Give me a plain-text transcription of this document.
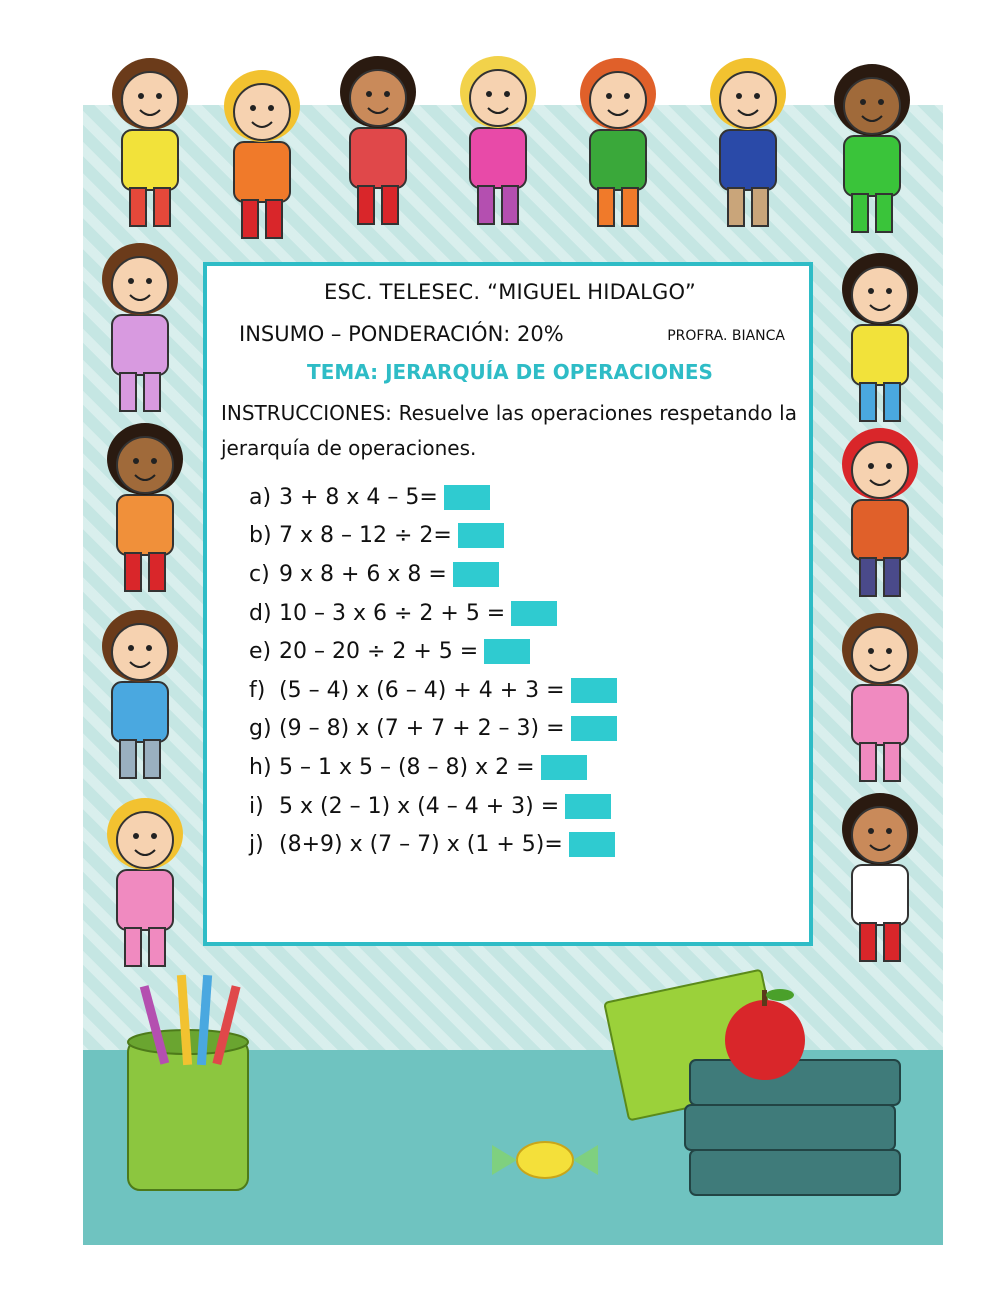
ESC. TELESEC. “MIGUEL HIDALGO”
INSUMO – PONDERACIÓN: 20%	PROFRA. BIANCA
TEMA: JERARQUÍA DE OPERACIONES
INSTRUCCIONES: Resuelve las operaciones respetando la jerarquía de operaciones.
a) 3 + 8 x 4 – 5=
b) 7 x 8 – 12 ÷ 2=
c) 9 x 8 + 6 x 8 =
d) 10 – 3 x 6 ÷ 2 + 5 =
e) 20 – 20 ÷ 2 + 5 =
f) (5 – 4) x (6 – 4) + 4 + 3 =
g) (9 – 8) x (7 + 7 + 2 – 3) =
h) 5 – 1 x 5 – (8 – 8) x 2 =
i) 5 x (2 – 1) x (4 – 4 + 3) =
j) (8+9) x (7 – 7) x (1 + 5)=
